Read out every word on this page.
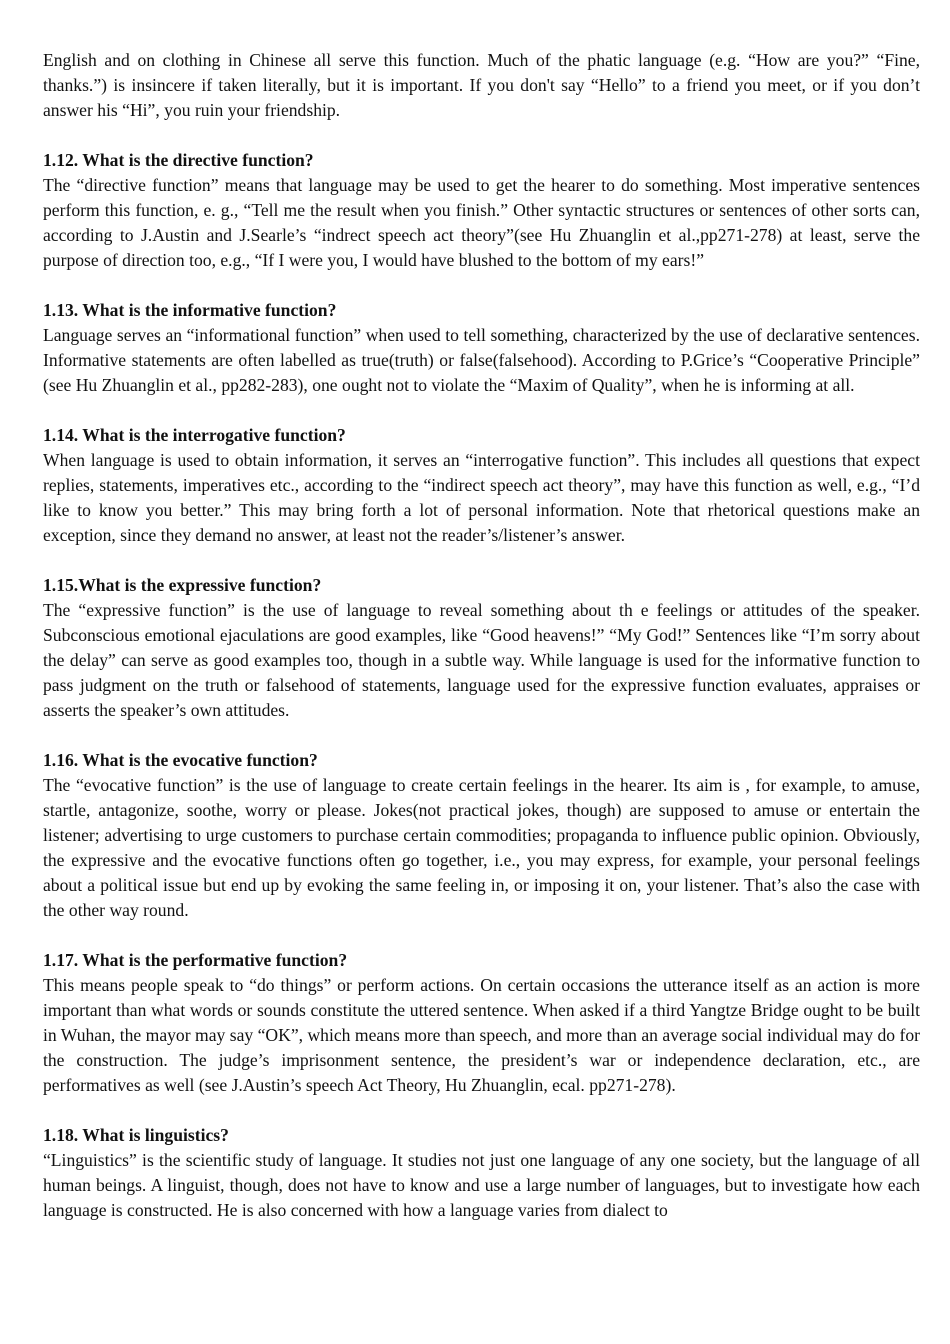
English and on clothing in Chinese all serve this function. Much of the phatic language (e.g. “How are you?” “Fine, thanks.”) is insincere if taken literally, but it is important. If you don't say “Hello” to a friend you meet, or if you don’t answer his “Hi”, you ruin your friendship.

1.12. What is the directive function?

The “directive function” means that language may be used to get the hearer to do something. Most imperative sentences perform this function, e. g., “Tell me the result when you finish.” Other syntactic structures or sentences of other sorts can, according to J.Austin and J.Searle’s “indrect speech act theory”(see Hu Zhuanglin et al.,pp271-278) at least, serve the purpose of direction too, e.g., “If I were you, I would have blushed to the bottom of my ears!”

1.13. What is the informative function?

Language serves an “informational function” when used to tell something, characterized by the use of declarative sentences. Informative statements are often labelled as true(truth) or false(falsehood). According to P.Grice’s “Cooperative Principle” (see Hu Zhuanglin et al., pp282-283), one ought not to violate the “Maxim of Quality”, when he is informing at all.

1.14. What is the interrogative function?

When language is used to obtain information, it serves an “interrogative function”. This includes all questions that expect replies, statements, imperatives etc., according to the “indirect speech act theory”, may have this function as well, e.g., “I’d like to know you better.” This may bring forth a lot of personal information. Note that rhetorical questions make an exception, since they demand no answer, at least not the reader’s/listener’s answer.

1.15.What is the expressive function?

The “expressive function” is the use of language to reveal something about th e feelings or attitudes of the speaker. Subconscious emotional ejaculations are good examples, like “Good heavens!” “My God!” Sentences like “I’m sorry about the delay” can serve as good examples too, though in a subtle way. While language is used for the informative function to pass judgment on the truth or falsehood of statements, language used for the expressive function evaluates, appraises or asserts the speaker’s own attitudes.

1.16. What is the evocative function?

The “evocative function” is the use of language to create certain feelings in the hearer. Its aim is , for example, to amuse, startle, antagonize, soothe, worry or please. Jokes(not practical jokes, though) are supposed to amuse or entertain the listener; advertising to urge customers to purchase certain commodities; propaganda to influence public opinion. Obviously, the expressive and the evocative functions often go together, i.e., you may express, for example, your personal feelings about a political issue but end up by evoking the same feeling in, or imposing it on, your listener. That’s also the case with the other way round.

1.17. What is the performative function?

This means people speak to “do things” or perform actions. On certain occasions the utterance itself as an action is more important than what words or sounds constitute the uttered sentence. When asked if a third Yangtze Bridge ought to be built in Wuhan, the mayor may say “OK”, which means more than speech, and more than an average social individual may do for the construction. The judge’s imprisonment sentence, the president’s war or independence declaration, etc., are performatives as well (see J.Austin’s speech Act Theory, Hu Zhuanglin, ecal. pp271-278).

1.18. What is linguistics?

“Linguistics” is the scientific study of language. It studies not just one language of any one society, but the language of all human beings. A linguist, though, does not have to know and use a large number of languages, but to investigate how each language is constructed. He is also concerned with how a language varies from dialect to
